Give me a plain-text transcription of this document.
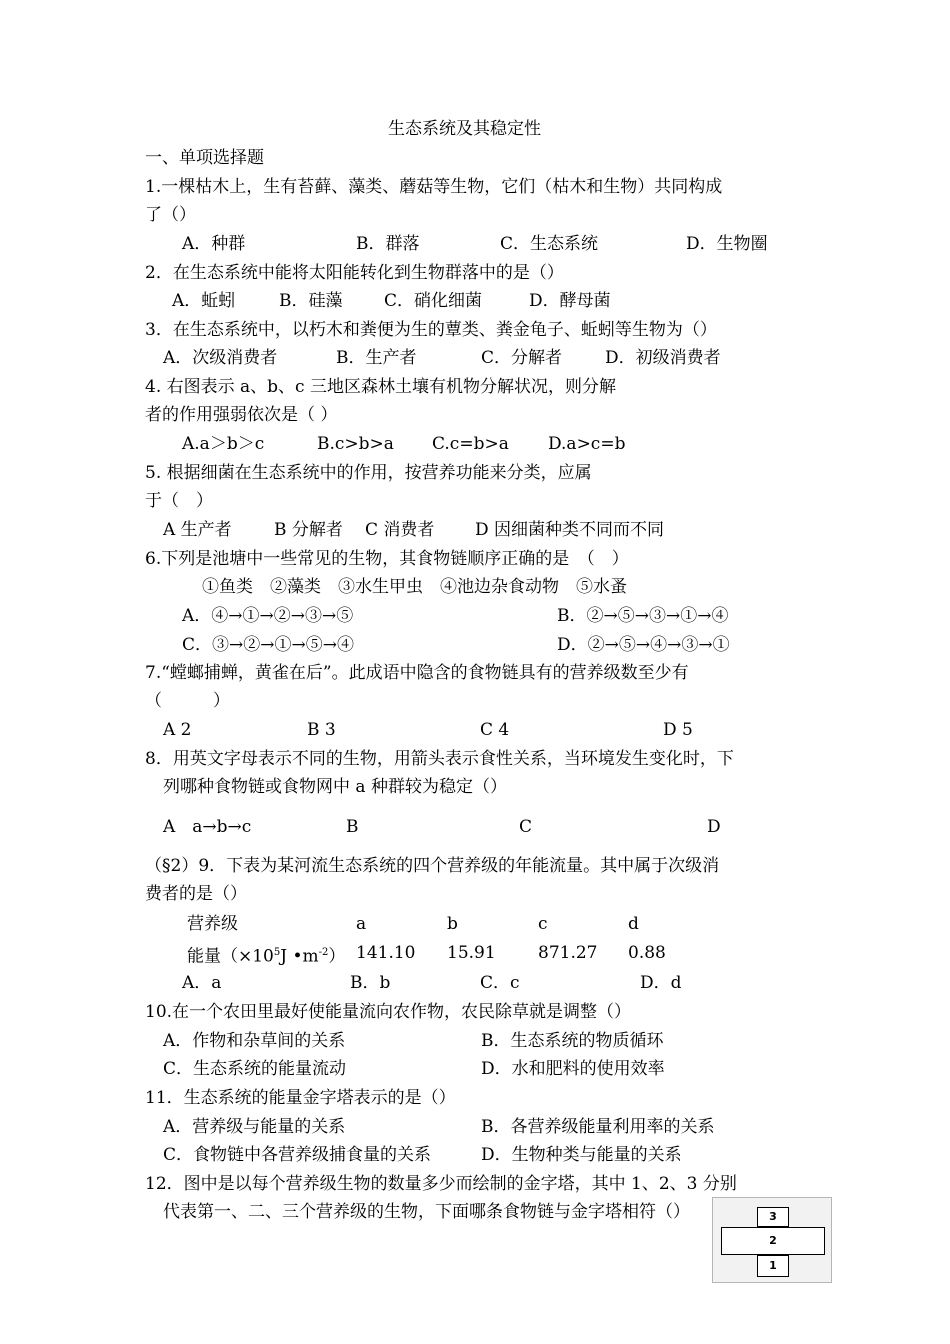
生态系统及其稳定性
一、单项选择题
1.一棵枯木上，生有苔藓、藻类、蘑菇等生物，它们（枯木和生物）共同构成
了（）
A．种群	B．群落	C．生态系统	D．生物圈
2．在生态系统中能将太阳能转化到生物群落中的是（）
A．蚯蚓	B．硅藻 C．硝化细菌	D．酵母菌
3．在生态系统中，以朽木和粪便为生的蕈类、粪金龟子、蚯蚓等生物为（）
A．次级消费者	B．生产者	C．分解者	D．初级消费者
4. 右图表示 a、b、c 三地区森林土壤有机物分解状况，则分解
者的作用强弱依次是（ ）
A.a＞b＞c	B.c>b>a C.c=b>a D.a>c=b
5. 根据细菌在生态系统中的作用，按营养功能来分类，应属
于（　）
A 生产者 B 分解者 C 消费者 D 因细菌种类不同而不同
6.下列是池塘中一些常见的生物，其食物链顺序正确的是　（　）
①鱼类　②藻类　③水生甲虫　④池边杂食动物　⑤水蚤
A．④→①→②→③→⑤	B．②→⑤→③→①→④
C．③→②→①→⑤→④	D．②→⑤→④→③→①
7.“螳螂捕蝉，黄雀在后”。此成语中隐含的食物链具有的营养级数至少有
（　　　）
A 2	B 3	C 4	D 5
8．用英文字母表示不同的生物，用箭头表示食性关系，当环境发生变化时，下
列哪种食物链或食物网中 a 种群较为稳定（）
A　a→b→c	B	C	D
（§2）9．下表为某河流生态系统的四个营养级的年能流量。其中属于次级消
费者的是（）
营养级	a	b	c	d
能量（$\times 10^5J$ $•m^{-2}$） 141.10 15.91 871.27 0.88
A．a	B．b	C．c	D．d
10.在一个农田里最好使能量流向农作物，农民除草就是调整（）
A．作物和杂草间的关系	B．生态系统的物质循环
C．生态系统的能量流动	D．水和肥料的使用效率
11．生态系统的能量金字塔表示的是（）
A．营养级与能量的关系	B．各营养级能量利用率的关系
C．食物链中各营养级捕食量的关系	D．生物种类与能量的关系
12．图中是以每个营养级生物的数量多少而绘制的金字塔，其中 1、2、3 分别
代表第一、二、三个营养级的生物，下面哪条食物链与金字塔相符（）	3
2
1
